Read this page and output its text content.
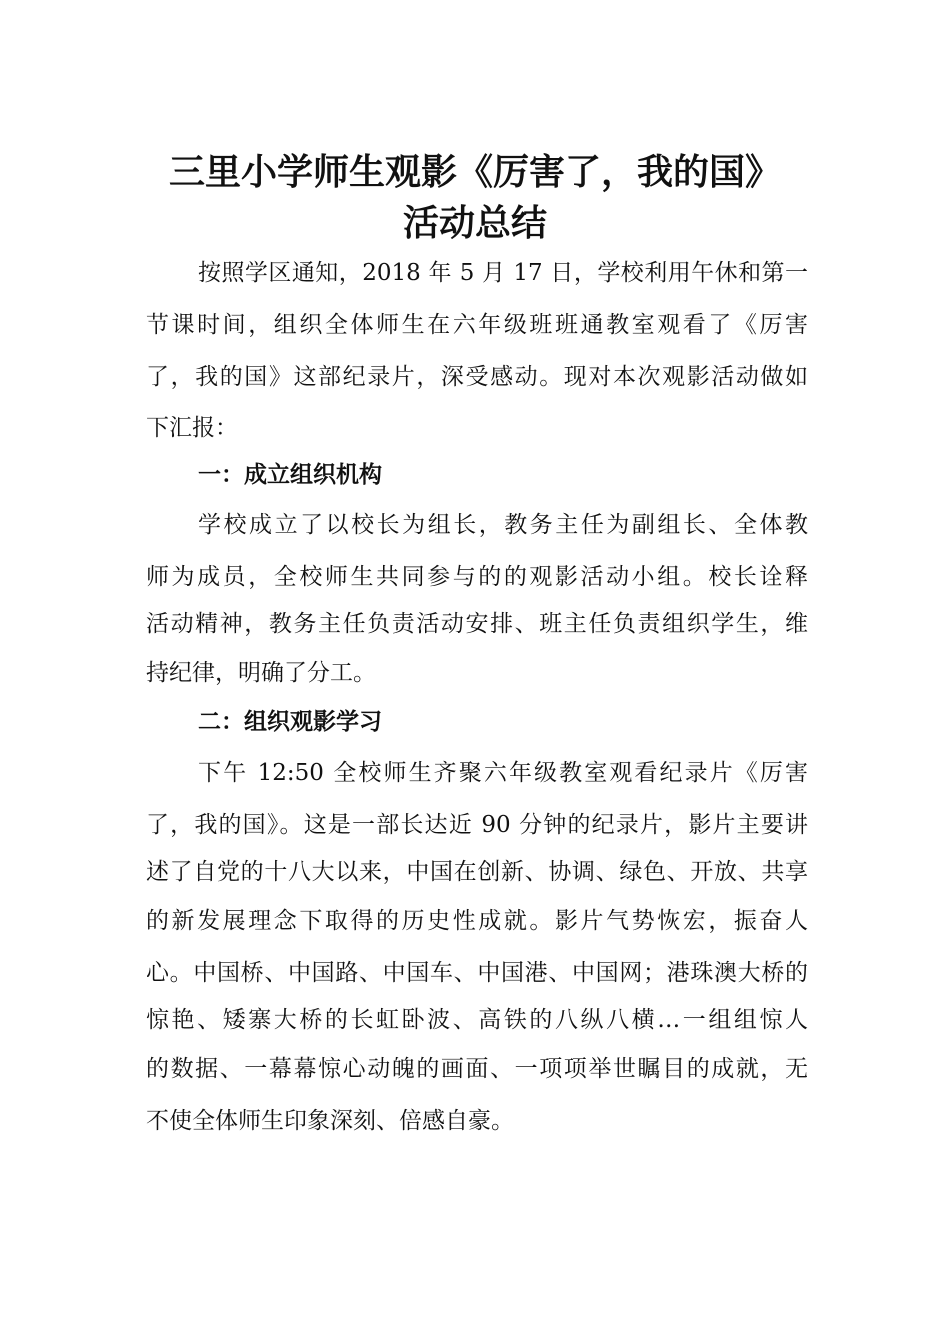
三里小学师生观影《厉害了，我的国》
活动总结

按照学区通知，2018 年 5 月 17 日，学校利用午休和第一

节课时间，组织全体师生在六年级班班通教室观看了《厉害

了，我的国》这部纪录片，深受感动。现对本次观影活动做如

下汇报：

一：成立组织机构

学校成立了以校长为组长，教务主任为副组长、全体教

师为成员，全校师生共同参与的的观影活动小组。校长诠释

活动精神，教务主任负责活动安排、班主任负责组织学生，维

持纪律，明确了分工。

二：组织观影学习

下午 12:50 全校师生齐聚六年级教室观看纪录片《厉害

了，我的国》。这是一部长达近 90 分钟的纪录片，影片主要讲

述了自党的十八大以来，中国在创新、协调、绿色、开放、共享

的新发展理念下取得的历史性成就。影片气势恢宏，振奋人

心。中国桥、中国路、中国车、中国港、中国网；港珠澳大桥的

惊艳、矮寨大桥的长虹卧波、高铁的八纵八横…一组组惊人

的数据、一幕幕惊心动魄的画面、一项项举世瞩目的成就，无

不使全体师生印象深刻、倍感自豪。
